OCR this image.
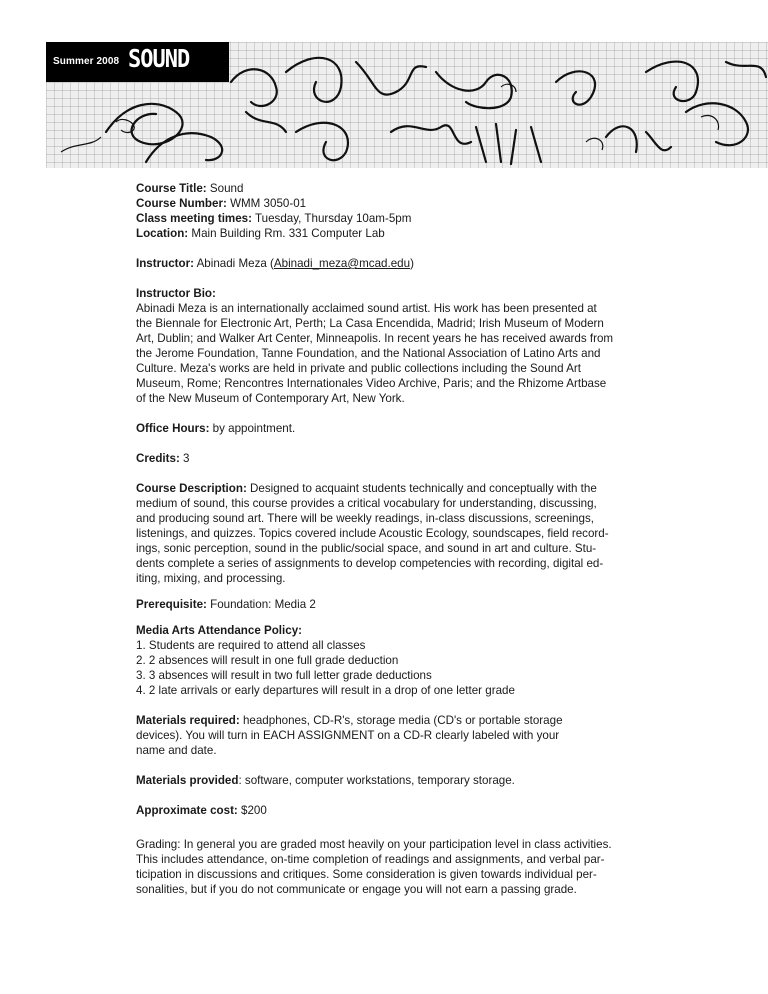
Summer 2008 SOUND

Course Title: Sound

Course Number: WMM 3050-01

Class meeting times: Tuesday, Thursday 10am-5pm

Location: Main Building Rm. 331 Computer Lab

Instructor: Abinadi Meza (Abinadi_meza@mcad.edu)

Instructor Bio:

Abinadi Meza is an internationally acclaimed sound artist. His work has been presented at

the Biennale for Electronic Art, Perth; La Casa Encendida, Madrid; Irish Museum of Modern

Art, Dublin; and Walker Art Center, Minneapolis. In recent years he has received awards from

the Jerome Foundation, Tanne Foundation, and the National Association of Latino Arts and

Culture. Meza's works are held in private and public collections including the Sound Art

Museum, Rome; Rencontres Internationales Video Archive, Paris; and the Rhizome Artbase

of the New Museum of Contemporary Art, New York.

Office Hours: by appointment.

Credits: 3

Course Description: Designed to acquaint students technically and conceptually with the

medium of sound, this course provides a critical vocabulary for understanding, discussing,

and producing sound art. There will be weekly readings, in-class discussions, screenings,

listenings, and quizzes. Topics covered include Acoustic Ecology, soundscapes, field record-

ings, sonic perception, sound in the public/social space, and sound in art and culture. Stu-

dents complete a series of assignments to develop competencies with recording, digital ed-

iting, mixing, and processing.

Prerequisite: Foundation: Media 2

Media Arts Attendance Policy:

1. Students are required to attend all classes

2. 2 absences will result in one full grade deduction

3. 3 absences will result in two full letter grade deductions

4. 2 late arrivals or early departures will result in a drop of one letter grade

Materials required: headphones, CD-R's, storage media (CD's or portable storage

devices). You will turn in EACH ASSIGNMENT on a CD-R clearly labeled with your

name and date.

Materials provided: software, computer workstations, temporary storage.

Approximate cost: $200

Grading: In general you are graded most heavily on your participation level in class activities.

This includes attendance, on-time completion of readings and assignments, and verbal par-

ticipation in discussions and critiques. Some consideration is given towards individual per-

sonalities, but if you do not communicate or engage you will not earn a passing grade.
